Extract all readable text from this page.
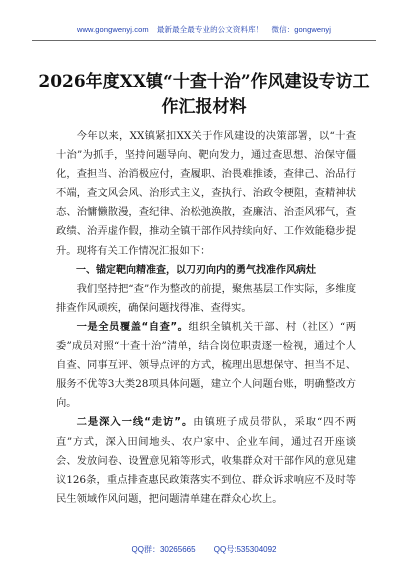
www.gongwenyj.com 最新最全最专业的公文资料库！ 微信：gongwenyj
2026年度XX镇“十查十治”作风建设专访工作汇报材料

今年以来，XX镇紧扣XX关于作风建设的决策部署，以“十查十治”为抓手，坚持问题导向、靶向发力，通过查思想、治保守僵化，查担当、治消极应付，查履职、治畏难推诿，查律己、治品行不端，查文风会风、治形式主义，查执行、治政令梗阻，查精神状态、治慵懒散漫，查纪律、治松弛涣散，查廉洁、治歪风邪气，查政绩、治弄虚作假，推动全镇干部作风持续向好、工作效能稳步提升。现将有关工作情况汇报如下：

一、锚定靶向精准查，以刀刃向内的勇气找准作风病灶

我们坚持把“查”作为整改的前提，聚焦基层工作实际，多维度排查作风顽疾，确保问题找得准、查得实。

一是全员覆盖“自查”。组织全镇机关干部、村（社区）“两委”成员对照“十查十治”清单，结合岗位职责逐一检视，通过个人自查、同事互评、领导点评的方式，梳理出思想保守、担当不足、服务不优等3大类28项具体问题，建立个人问题台账，明确整改方向。

二是深入一线“走访”。由镇班子成员带队，采取“四不两直”方式，深入田间地头、农户家中、企业车间，通过召开座谈会、发放问卷、设置意见箱等形式，收集群众对干部作风的意见建议126条，重点排查惠民政策落实不到位、群众诉求响应不及时等民生领域作风问题，把问题清单建在群众心坎上。

QQ群：30265665 QQ号:535304092
